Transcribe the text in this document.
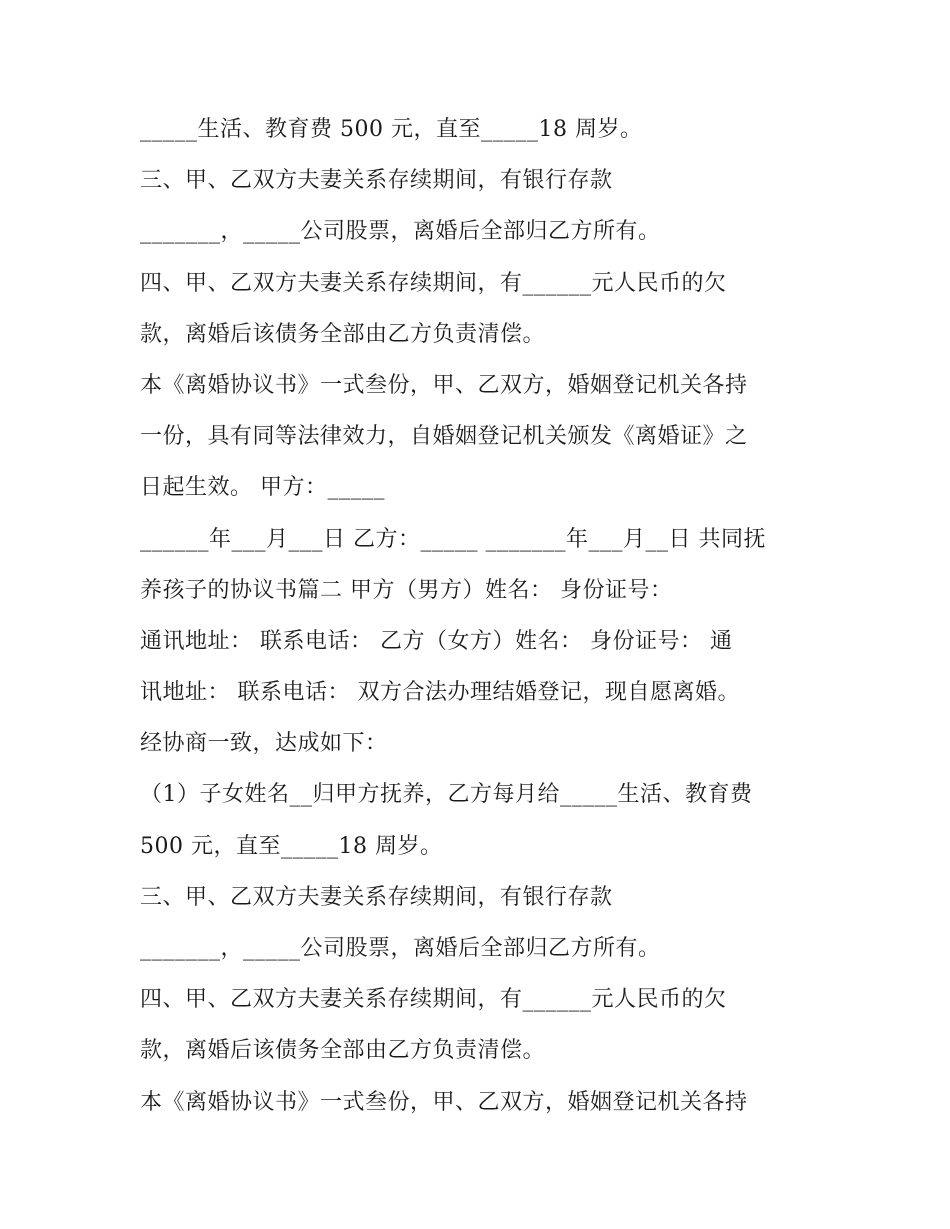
_____生活、教育费 500 元，直至_____18 周岁。
三、甲、乙双方夫妻关系存续期间，有银行存款
_______，_____公司股票，离婚后全部归乙方所有。
四、甲、乙双方夫妻关系存续期间，有______元人民币的欠
款，离婚后该债务全部由乙方负责清偿。
本《离婚协议书》一式叁份，甲、乙双方，婚姻登记机关各持
一份，具有同等法律效力，自婚姻登记机关颁发《离婚证》之
日起生效。 甲方：_____
______年___月___日 乙方：_____ _______年___月__日 共同抚
养孩子的协议书篇二 甲方（男方）姓名： 身份证号：
通讯地址： 联系电话： 乙方（女方）姓名： 身份证号： 通
讯地址： 联系电话： 双方合法办理结婚登记，现自愿离婚。
经协商一致，达成如下：
（1）子女姓名__归甲方抚养，乙方每月给_____生活、教育费
500 元，直至_____18 周岁。
三、甲、乙双方夫妻关系存续期间，有银行存款
_______，_____公司股票，离婚后全部归乙方所有。
四、甲、乙双方夫妻关系存续期间，有______元人民币的欠
款，离婚后该债务全部由乙方负责清偿。
本《离婚协议书》一式叁份，甲、乙双方，婚姻登记机关各持
